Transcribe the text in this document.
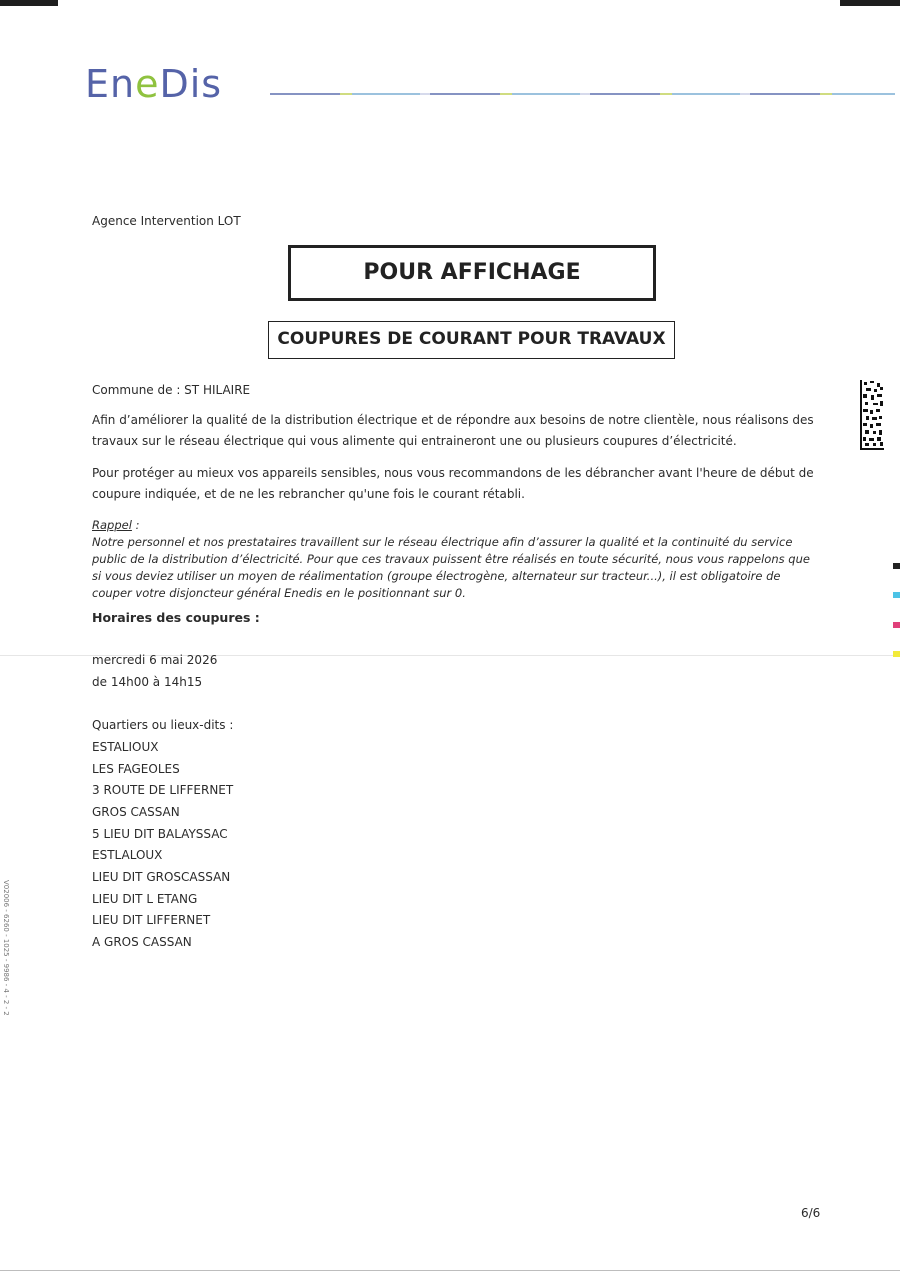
EneDis
Agence Intervention LOT
POUR AFFICHAGE
COUPURES DE COURANT POUR TRAVAUX
Commune de : ST HILAIRE
Afin d’améliorer la qualité de la distribution électrique et de répondre aux besoins de notre clientèle, nous réalisons des travaux sur le réseau électrique qui vous alimente qui entraineront une ou plusieurs coupures d’électricité.
Pour protéger au mieux vos appareils sensibles, nous vous recommandons de les débrancher avant l'heure de début de coupure indiquée, et de ne les rebrancher qu'une fois le courant rétabli.
Rappel :
Notre personnel et nos prestataires travaillent sur le réseau électrique afin d’assurer la qualité et la continuité du service public de la distribution d’électricité. Pour que ces travaux puissent être réalisés en toute sécurité, nous vous rappelons que si vous deviez utiliser un moyen de réalimentation (groupe électrogène, alternateur sur tracteur...), il est obligatoire de couper votre disjoncteur général Enedis en le positionnant sur 0.
Horaires des coupures :
mercredi 6 mai 2026
de 14h00 à 14h15
Quartiers ou lieux-dits :
ESTALIOUX
LES FAGEOLES
3 ROUTE DE LIFFERNET
GROS CASSAN
5 LIEU DIT BALAYSSAC
ESTLALOUX
LIEU DIT GROSCASSAN
LIEU DIT L ETANG
LIEU DIT LIFFERNET
A GROS CASSAN
V02006 - 6260 - 1025 - 9986 - 4 - 2 - 2
6/6
